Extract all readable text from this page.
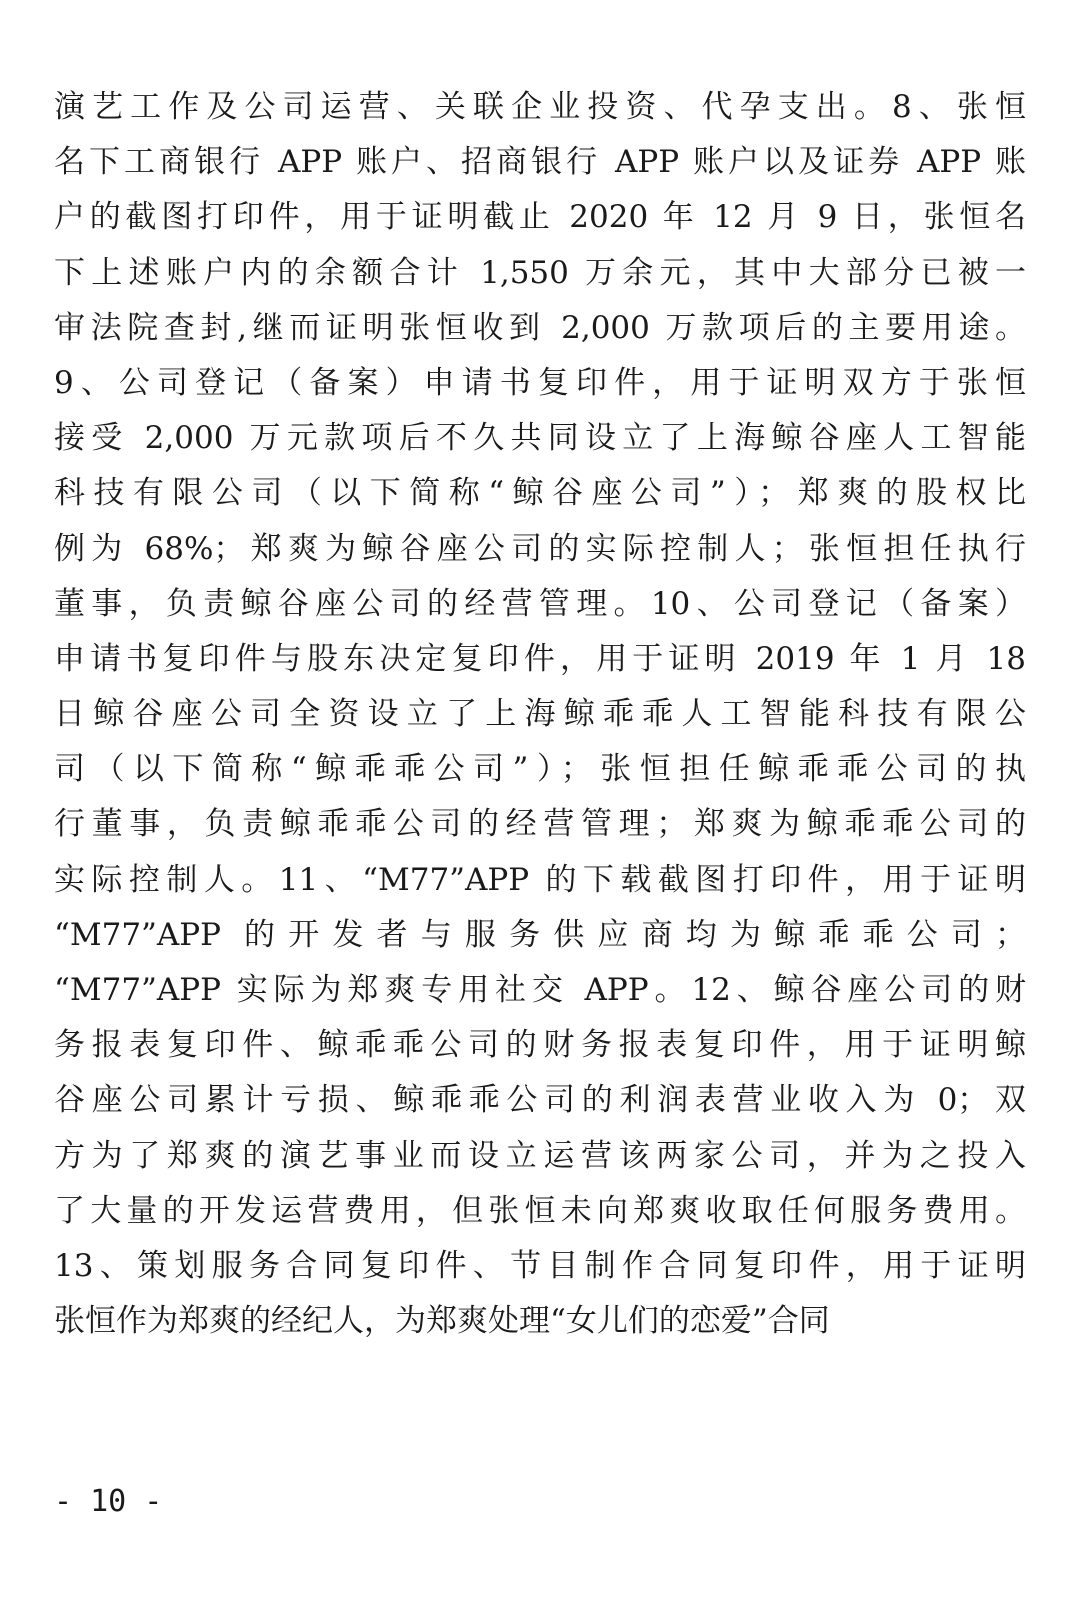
演艺工作及公司运营、关联企业投资、代孕支出。8、张恒
名下工商银行 APP 账户、招商银行 APP 账户以及证券 APP 账
户的截图打印件，用于证明截止 2020 年 12 月 9 日，张恒名
下上述账户内的余额合计 1,550 万余元，其中大部分已被一
审法院查封,继而证明张恒收到 2,000 万款项后的主要用途。
9、公司登记（备案）申请书复印件，用于证明双方于张恒
接受 2,000 万元款项后不久共同设立了上海鲸谷座人工智能
科技有限公司（以下简称“鲸谷座公司”）；郑爽的股权比
例为 68%；郑爽为鲸谷座公司的实际控制人；张恒担任执行
董事，负责鲸谷座公司的经营管理。10、公司登记（备案）
申请书复印件与股东决定复印件，用于证明 2019 年 1 月 18
日鲸谷座公司全资设立了上海鲸乖乖人工智能科技有限公
司（以下简称“鲸乖乖公司”）；张恒担任鲸乖乖公司的执
行董事，负责鲸乖乖公司的经营管理；郑爽为鲸乖乖公司的
实际控制人。11、“M77”APP 的下载截图打印件，用于证明
“M77”APP 的开发者与服务供应商均为鲸乖乖公司；
“M77”APP 实际为郑爽专用社交 APP。12、鲸谷座公司的财
务报表复印件、鲸乖乖公司的财务报表复印件，用于证明鲸
谷座公司累计亏损、鲸乖乖公司的利润表营业收入为 0；双
方为了郑爽的演艺事业而设立运营该两家公司，并为之投入
了大量的开发运营费用，但张恒未向郑爽收取任何服务费用。
13、策划服务合同复印件、节目制作合同复印件，用于证明
张恒作为郑爽的经纪人，为郑爽处理“女儿们的恋爱”合同
- 10 -
